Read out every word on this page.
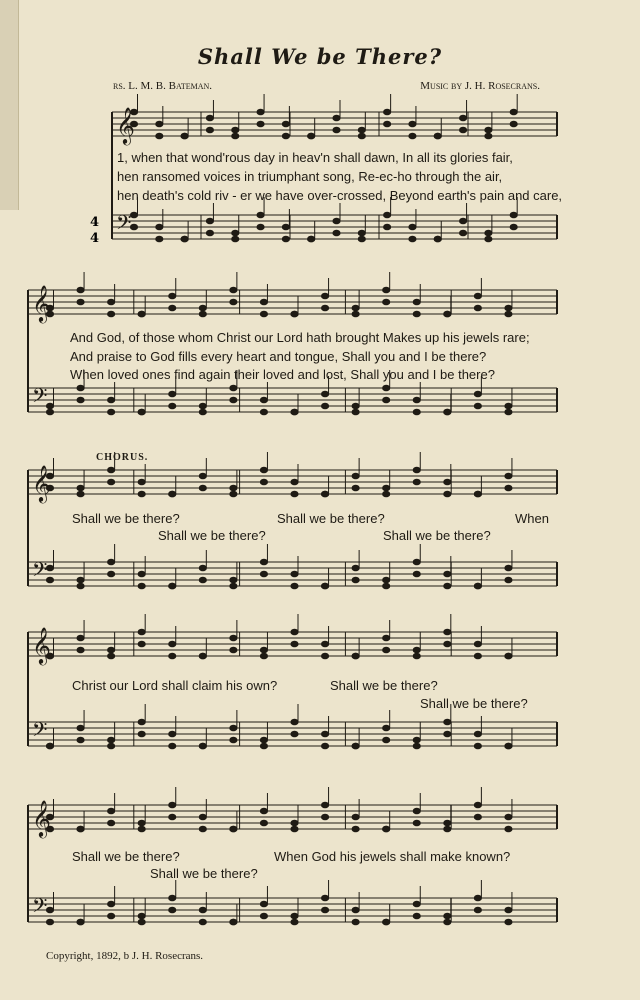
Shall We be There?
rs. L. M. B. Bateman.	Music by J. H. Rosecrans.
𝄞
𝄢
𝄞
𝄢
𝄞
𝄢
𝄞
𝄢
𝄞
𝄢
4
4
1, when that wond'rous day in heav'n shall dawn, In all its glories fair,
hen ransomed voices in triumphant song, Re-ec-ho through the air,
hen death's cold riv - er we have over-crossed, Beyond earth's pain and care,
And God, of those whom Christ our Lord hath brought Makes up his jewels rare;
And praise to God fills every heart and tongue, Shall you and I be there?
When loved ones find again their loved and lost, Shall you and I be there?
CHORUS.
Shall we be there?	Shall we be there?	When
Shall we be there?	Shall we be there?
Christ our Lord shall claim his own?	Shall we be there?
Shall we be there?
Shall we be there?	When God his jewels shall make known?
Shall we be there?
Copyright, 1892, b J. H. Rosecrans.
